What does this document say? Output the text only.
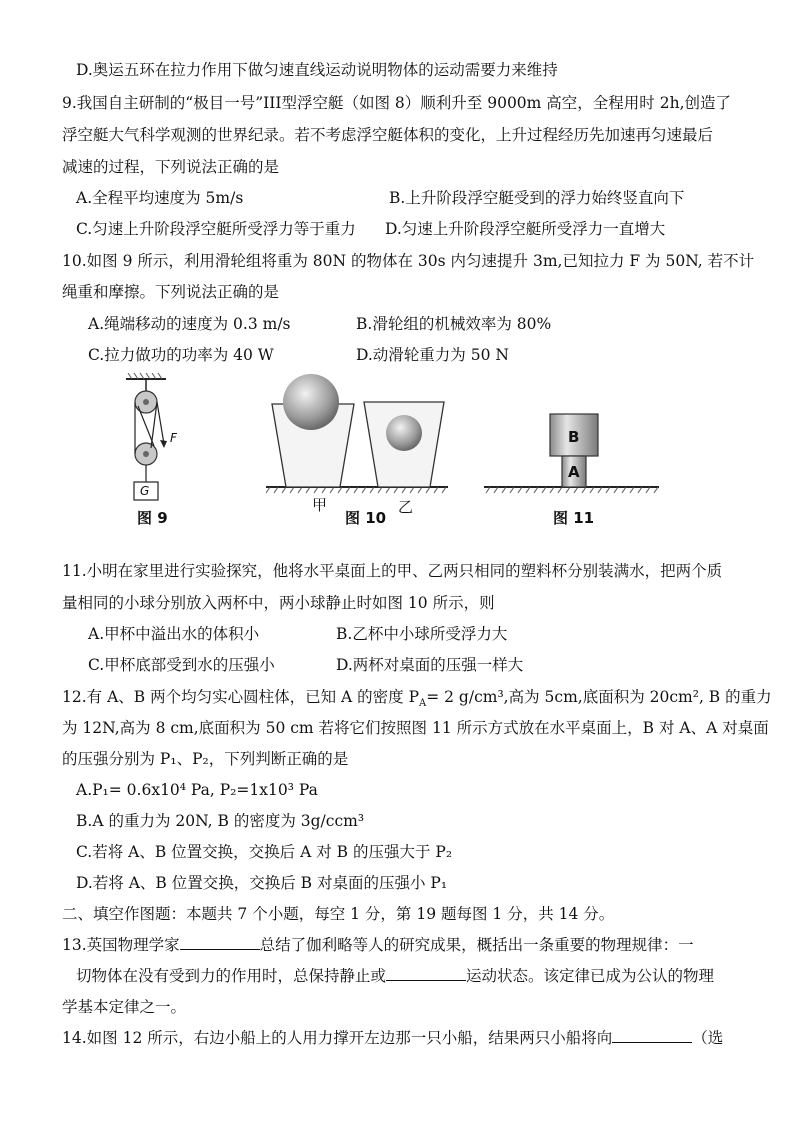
D.奥运五环在拉力作用下做匀速直线运动说明物体的运动需要力来维持
9.我国自主研制的“极目一号”III型浮空艇（如图 8）顺利升至 9000m 高空，全程用时 2h,创造了
浮空艇大气科学观测的世界纪录。若不考虑浮空艇体积的变化，上升过程经历先加速再匀速最后
减速的过程，下列说法正确的是
A.全程平均速度为 5m/s	B.上升阶段浮空艇受到的浮力始终竖直向下
C.匀速上升阶段浮空艇所受浮力等于重力	D.匀速上升阶段浮空艇所受浮力一直增大
10.如图 9 所示，利用滑轮组将重为 80N 的物体在 30s 内匀速提升 3m,已知拉力 F 为 50N, 若不计
绳重和摩擦。下列说法正确的是
A.绳端移动的速度为 0.3 m/s	B.滑轮组的机械效率为 80%
C.拉力做功的功率为 40 W	D.动滑轮重力为 50 N
F
G
图 9
甲	乙
图 10
B
A
图 11
11.小明在家里进行实验探究，他将水平桌面上的甲、乙两只相同的塑料杯分别装满水，把两个质
量相同的小球分别放入两杯中，两小球静止时如图 10 所示，则
A.甲杯中溢出水的体积小	B.乙杯中小球所受浮力大
C.甲杯底部受到水的压强小	D.两杯对桌面的压强一样大
12.有 A、B 两个均匀实心圆柱体，已知 A 的密度 $P_A= 2$ g/cm³,高为 5cm,底面积为 20cm², B 的重力
为 12N,高为 8 cm,底面积为 50 cm 若将它们按照图 11 所示方式放在水平桌面上，B 对 A、A 对桌面
的压强分别为 P₁、P₂，下列判断正确的是
A.P₁= 0.6x10⁴ Pa, P₂=1x10³ Pa
B.A 的重力为 20N, B 的密度为 3g/ccm³
C.若将 A、B 位置交换，交换后 A 对 B 的压强大于 P₂
D.若将 A、B 位置交换，交换后 B 对桌面的压强小 P₁
二、填空作图题：本题共 7 个小题，每空 1 分，第 19 题每图 1 分，共 14 分。
13.英国物理学家	总结了伽利略等人的研究成果，概括出一条重要的物理规律：一
切物体在没有受到力的作用时，总保持静止或	运动状态。该定律已成为公认的物理
学基本定律之一。
14.如图 12 所示，右边小船上的人用力撑开左边那一只小船，结果两只小船将向	（选
